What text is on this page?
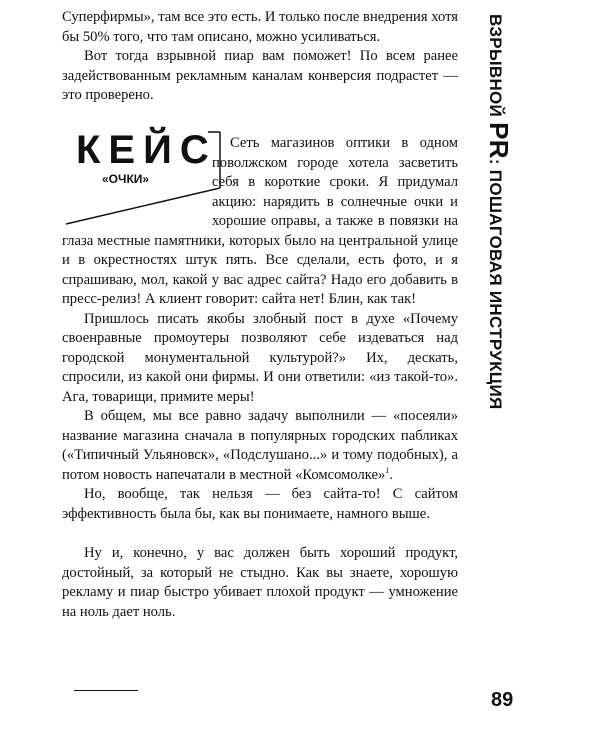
Суперфирмы», там все это есть. И только после внедрения хотя бы 50% того, что там описано, можно усиливаться.

Вот тогда взрывной пиар вам поможет! По всем ранее задействованным рекламным каналам конверсия подрастет — это проверено.

КЕЙС
«ОЧКИ»

Сеть магазинов оптики в одном поволжском городе хотела засветить себя в короткие сроки. Я придумал акцию: нарядить в солнечные очки и хорошие оправы, а также в повязки на глаза местные памятники, которых было на центральной улице и в окрестностях штук пять. Все сделали, есть фото, и я спрашиваю, мол, какой у вас адрес сайта? Надо его добавить в пресс-релиз! А клиент говорит: сайта нет! Блин, как так!

Пришлось писать якобы злобный пост в духе «Почему своенравные промоутеры позволяют себе издеваться над городской монументальной культурой?» Их, дескать, спросили, из какой они фирмы. И они ответили: «из такой-то». Ага, товарищи, примите меры!

В общем, мы все равно задачу выполнили — «посеяли» название магазина сначала в популярных городских пабликах («Типичный Ульяновск», «Подслушано...» и тому подобных), а потом новость напечатали в местной «Комсомолке»$^1$.

Но, вообще, так нельзя — без сайта-то! С сайтом эффективность была бы, как вы понимаете, намного выше.

Ну и, конечно, у вас должен быть хороший продукт, достойный, за который не стыдно. Как вы знаете, хорошую рекламу и пиар быстро убивает плохой продукт — умножение на ноль дает ноль.

ВЗРЫВНОЙ PR: ПОШАГОВАЯ ИНСТРУКЦИЯ
89
